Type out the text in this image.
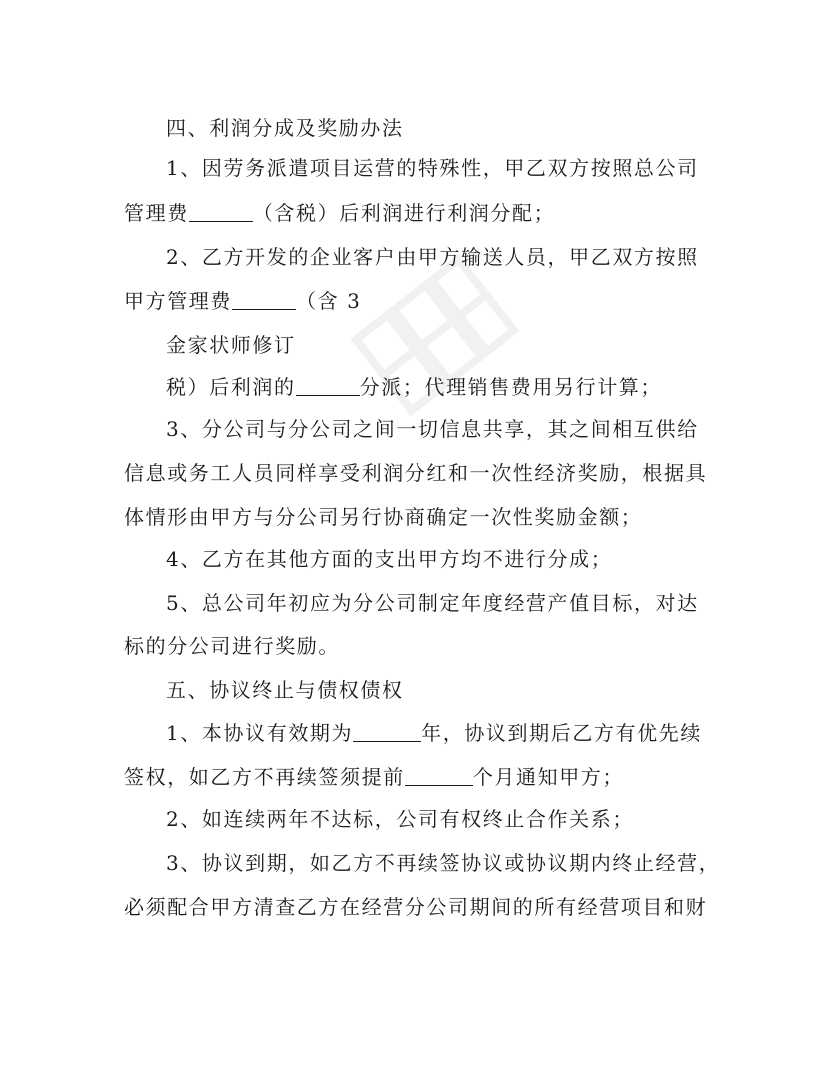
四、利润分成及奖励办法
1、因劳务派遣项目运营的特殊性，甲乙双方按照总公司
管理费	（含税）后利润进行利润分配；
2、乙方开发的企业客户由甲方输送人员，甲乙双方按照
甲方管理费	（含 3
金家状师修订
税）后利润的	分派；代理销售费用另行计算；
3、分公司与分公司之间一切信息共享，其之间相互供给
信息或务工人员同样享受利润分红和一次性经济奖励，根据具
体情形由甲方与分公司另行协商确定一次性奖励金额；
4、乙方在其他方面的支出甲方均不进行分成；
5、总公司年初应为分公司制定年度经营产值目标，对达
标的分公司进行奖励。
五、协议终止与债权债权
1、本协议有效期为	年，协议到期后乙方有优先续
签权，如乙方不再续签须提前	个月通知甲方；
2、如连续两年不达标，公司有权终止合作关系；
3、协议到期，如乙方不再续签协议或协议期内终止经营，
必须配合甲方清查乙方在经营分公司期间的所有经营项目和财
